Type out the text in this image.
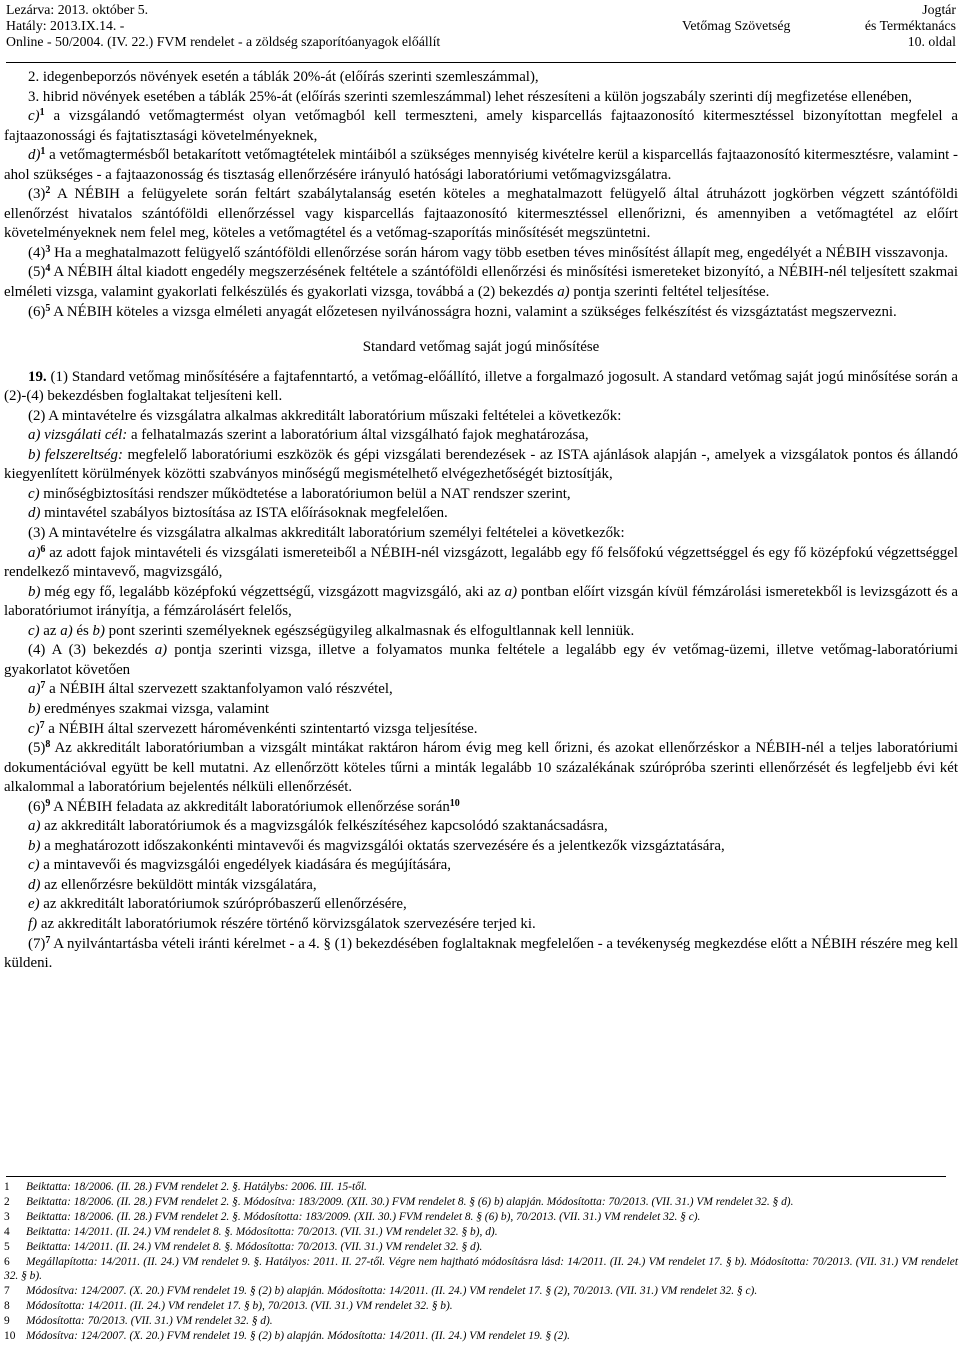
Lezárva: 2013. október 5.
Hatály: 2013.IX.14. -
Online - 50/2004. (IV. 22.) FVM rendelet - a zöldség szaporítóanyagok előállít
Vetőmag Szövetség
Jogtár
és Terméktanács
10. oldal

2. idegenbeporzós növények esetén a táblák 20%-át (előírás szerinti szemleszámmal),

3. hibrid növények esetében a táblák 25%-át (előírás szerinti szemleszámmal) lehet részesíteni a külön jogszabály szerinti díj megfizetése ellenében,

c)$^1$ a vizsgálandó vetőmagtermést olyan vetőmagból kell termeszteni, amely kisparcellás fajtaazonosító kitermesztéssel bizonyítottan megfelel a fajtaazonossági és fajtatisztasági követelményeknek,

d)$^1$ a vetőmagtermésből betakarított vetőmagtételek mintáiból a szükséges mennyiség kivételre kerül a kisparcellás fajtaazonosító kitermesztésre, valamint - ahol szükséges - a fajtaazonosság és tisztaság ellenőrzésére irányuló hatósági laboratóriumi vetőmagvizsgálatra.

$(3)^2$ A NÉBIH a felügyelete során feltárt szabálytalanság esetén köteles a meghatalmazott felügyelő által átruházott jogkörben végzett szántóföldi ellenőrzést hivatalos szántóföldi ellenőrzéssel vagy kisparcellás fajtaazonosító kitermesztéssel ellenőrizni, és amennyiben a vetőmagtétel az előírt követelményeknek nem felel meg, köteles a vetőmagtétel és a vetőmag-szaporítás minősítését megszüntetni.

$(4)^3$ Ha a meghatalmazott felügyelő szántóföldi ellenőrzése során három vagy több esetben téves minősítést állapít meg, engedélyét a NÉBIH visszavonja.

$(5)^4$ A NÉBIH által kiadott engedély megszerzésének feltétele a szántóföldi ellenőrzési és minősítési ismereteket bizonyító, a NÉBIH-nél teljesített szakmai elméleti vizsga, valamint gyakorlati felkészülés és gyakorlati vizsga, továbbá a (2) bekezdés a) pontja szerinti feltétel teljesítése.

$(6)^5$ A NÉBIH köteles a vizsga elméleti anyagát előzetesen nyilvánosságra hozni, valamint a szükséges felkészítést és vizsgáztatást megszervezni.

Standard vetőmag saját jogú minősítése

19. (1) Standard vetőmag minősítésére a fajtafenntartó, a vetőmag-előállító, illetve a forgalmazó jogosult. A standard vetőmag saját jogú minősítése során a (2)-(4) bekezdésben foglaltakat teljesíteni kell.

(2) A mintavételre és vizsgálatra alkalmas akkreditált laboratórium műszaki feltételei a következők:

a) vizsgálati cél: a felhatalmazás szerint a laboratórium által vizsgálható fajok meghatározása,

b) felszereltség: megfelelő laboratóriumi eszközök és gépi vizsgálati berendezések - az ISTA ajánlások alapján -, amelyek a vizsgálatok pontos és állandó kiegyenlített körülmények közötti szabványos minőségű megismételhető elvégezhetőségét biztosítják,

c) minőségbiztosítási rendszer működtetése a laboratóriumon belül a NAT rendszer szerint,

d) mintavétel szabályos biztosítása az ISTA előírásoknak megfelelően.

(3) A mintavételre és vizsgálatra alkalmas akkreditált laboratórium személyi feltételei a következők:

a)$^6$ az adott fajok mintavételi és vizsgálati ismereteiből a NÉBIH-nél vizsgázott, legalább egy fő felsőfokú végzettséggel és egy fő középfokú végzettséggel rendelkező mintavevő, magvizsgáló,

b) még egy fő, legalább középfokú végzettségű, vizsgázott magvizsgáló, aki az a) pontban előírt vizsgán kívül fémzárolási ismeretekből is levizsgázott és a laboratóriumot irányítja, a fémzárolásért felelős,

c) az a) és b) pont szerinti személyeknek egészségügyileg alkalmasnak és elfogultlannak kell lenniük.

(4) A (3) bekezdés a) pontja szerinti vizsga, illetve a folyamatos munka feltétele a legalább egy év vetőmag-üzemi, illetve vetőmag-laboratóriumi gyakorlatot követően

a)$^7$ a NÉBIH által szervezett szaktanfolyamon való részvétel,

b) eredményes szakmai vizsga, valamint

c)$^7$ a NÉBIH által szervezett háromévenkénti szintentartó vizsga teljesítése.

$(5)^8$ Az akkreditált laboratóriumban a vizsgált mintákat raktáron három évig meg kell őrizni, és azokat ellenőrzéskor a NÉBIH-nél a teljes laboratóriumi dokumentációval együtt be kell mutatni. Az ellenőrzött köteles tűrni a minták legalább 10 százalékának szúrópróba szerinti ellenőrzését és legfeljebb évi két alkalommal a laboratórium bejelentés nélküli ellenőrzését.

$(6)^9$ A NÉBIH feladata az akkreditált laboratóriumok ellenőrzése során$^{10}$

a) az akkreditált laboratóriumok és a magvizsgálók felkészítéséhez kapcsolódó szaktanácsadásra,

b) a meghatározott időszakonkénti mintavevői és magvizsgálói oktatás szervezésére és a jelentkezők vizsgáztatására,

c) a mintavevői és magvizsgálói engedélyek kiadására és megújítására,

d) az ellenőrzésre beküldött minták vizsgálatára,

e) az akkreditált laboratóriumok szúrópróbaszerű ellenőrzésére,

f) az akkreditált laboratóriumok részére történő körvizsgálatok szervezésére terjed ki.

$(7)^7$ A nyilvántartásba vételi iránti kérelmet - a 4. § (1) bekezdésében foglaltaknak megfelelően - a tevékenység megkezdése előtt a NÉBIH részére meg kell küldeni.

1 Beiktatta: 18/2006. (II. 28.) FVM rendelet 2. §. Hatálybs: 2006. III. 15-től.

2 Beiktatta: 18/2006. (II. 28.) FVM rendelet 2. §. Módosítva: 183/2009. (XII. 30.) FVM rendelet 8. § (6) b) alapján. Módosította: 70/2013. (VII. 31.) VM rendelet 32. § d).

3 Beiktatta: 18/2006. (II. 28.) FVM rendelet 2. §. Módosította: 183/2009. (XII. 30.) FVM rendelet 8. § (6) b), 70/2013. (VII. 31.) VM rendelet 32. § c).

4 Beiktatta: 14/2011. (II. 24.) VM rendelet 8. §. Módosította: 70/2013. (VII. 31.) VM rendelet 32. § b), d).

5 Beiktatta: 14/2011. (II. 24.) VM rendelet 8. §. Módosította: 70/2013. (VII. 31.) VM rendelet 32. § d).

6 Megállapította: 14/2011. (II. 24.) VM rendelet 9. §. Hatályos: 2011. II. 27-től. Végre nem hajtható módosításra lásd: 14/2011. (II. 24.) VM rendelet 17. § b). Módosította: 70/2013. (VII. 31.) VM rendelet 32. § b).

7 Módosítva: 124/2007. (X. 20.) FVM rendelet 19. § (2) b) alapján. Módosította: 14/2011. (II. 24.) VM rendelet 17. § (2), 70/2013. (VII. 31.) VM rendelet 32. § c).

8 Módosította: 14/2011. (II. 24.) VM rendelet 17. § b), 70/2013. (VII. 31.) VM rendelet 32. § b).

9 Módosította: 70/2013. (VII. 31.) VM rendelet 32. § d).

10 Módosítva: 124/2007. (X. 20.) FVM rendelet 19. § (2) b) alapján. Módosította: 14/2011. (II. 24.) VM rendelet 19. § (2).
